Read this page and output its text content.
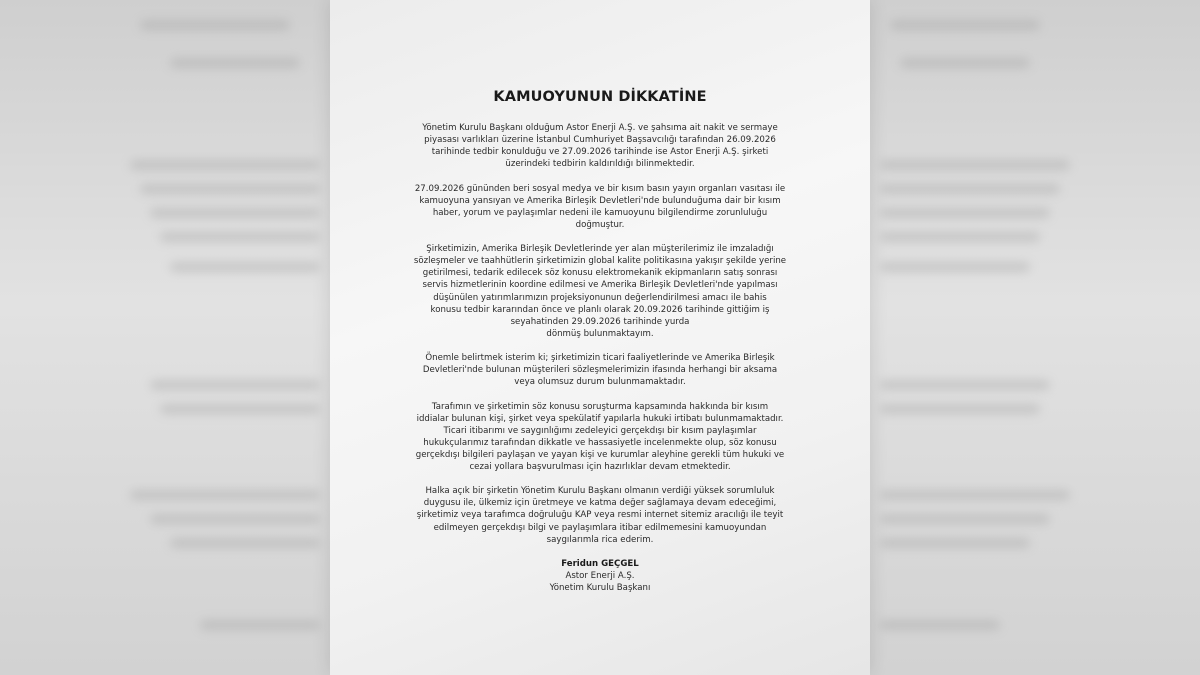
KAMUOYUNUN DİKKATİNE

Yönetim Kurulu Başkanı olduğum Astor Enerji A.Ş. ve şahsıma ait nakit ve sermaye
piyasası varlıkları üzerine İstanbul Cumhuriyet Başsavcılığı tarafından 26.09.2026
tarihinde tedbir konulduğu ve 27.09.2026 tarihinde ise Astor Enerji A.Ş. şirketi
üzerindeki tedbirin kaldırıldığı bilinmektedir.

27.09.2026 gününden beri sosyal medya ve bir kısım basın yayın organları vasıtası ile
kamuoyuna yansıyan ve Amerika Birleşik Devletleri'nde bulunduğuma dair bir kısım
haber, yorum ve paylaşımlar nedeni ile kamuoyunu bilgilendirme zorunluluğu
doğmuştur.

Şirketimizin, Amerika Birleşik Devletlerinde yer alan müşterilerimiz ile imzaladığı
sözleşmeler ve taahhütlerin şirketimizin global kalite politikasına yakışır şekilde yerine
getirilmesi, tedarik edilecek söz konusu elektromekanik ekipmanların satış sonrası
servis hizmetlerinin koordine edilmesi ve Amerika Birleşik Devletleri'nde yapılması
düşünülen yatırımlarımızın projeksiyonunun değerlendirilmesi amacı ile bahis
konusu tedbir kararından önce ve planlı olarak 20.09.2026 tarihinde gittiğim iş
seyahatinden 29.09.2026 tarihinde yurda
dönmüş bulunmaktayım.

Önemle belirtmek isterim ki; şirketimizin ticari faaliyetlerinde ve Amerika Birleşik
Devletleri'nde bulunan müşterileri sözleşmelerimizin ifasında herhangi bir aksama
veya olumsuz durum bulunmamaktadır.

Tarafımın ve şirketimin söz konusu soruşturma kapsamında hakkında bir kısım
iddialar bulunan kişi, şirket veya spekülatif yapılarla hukuki irtibatı bulunmamaktadır.
Ticari itibarımı ve saygınlığımı zedeleyici gerçekdışı bir kısım paylaşımlar
hukukçularımız tarafından dikkatle ve hassasiyetle incelenmekte olup, söz konusu
gerçekdışı bilgileri paylaşan ve yayan kişi ve kurumlar aleyhine gerekli tüm hukuki ve
cezai yollara başvurulması için hazırlıklar devam etmektedir.

Halka açık bir şirketin Yönetim Kurulu Başkanı olmanın verdiği yüksek sorumluluk
duygusu ile, ülkemiz için üretmeye ve katma değer sağlamaya devam edeceğimi,
şirketimiz veya tarafımca doğruluğu KAP veya resmi internet sitemiz aracılığı ile teyit
edilmeyen gerçekdışı bilgi ve paylaşımlara itibar edilmemesini kamuoyundan
saygılarımla rica ederim.

Feridun GEÇGEL
Astor Enerji A.Ş.
Yönetim Kurulu Başkanı
